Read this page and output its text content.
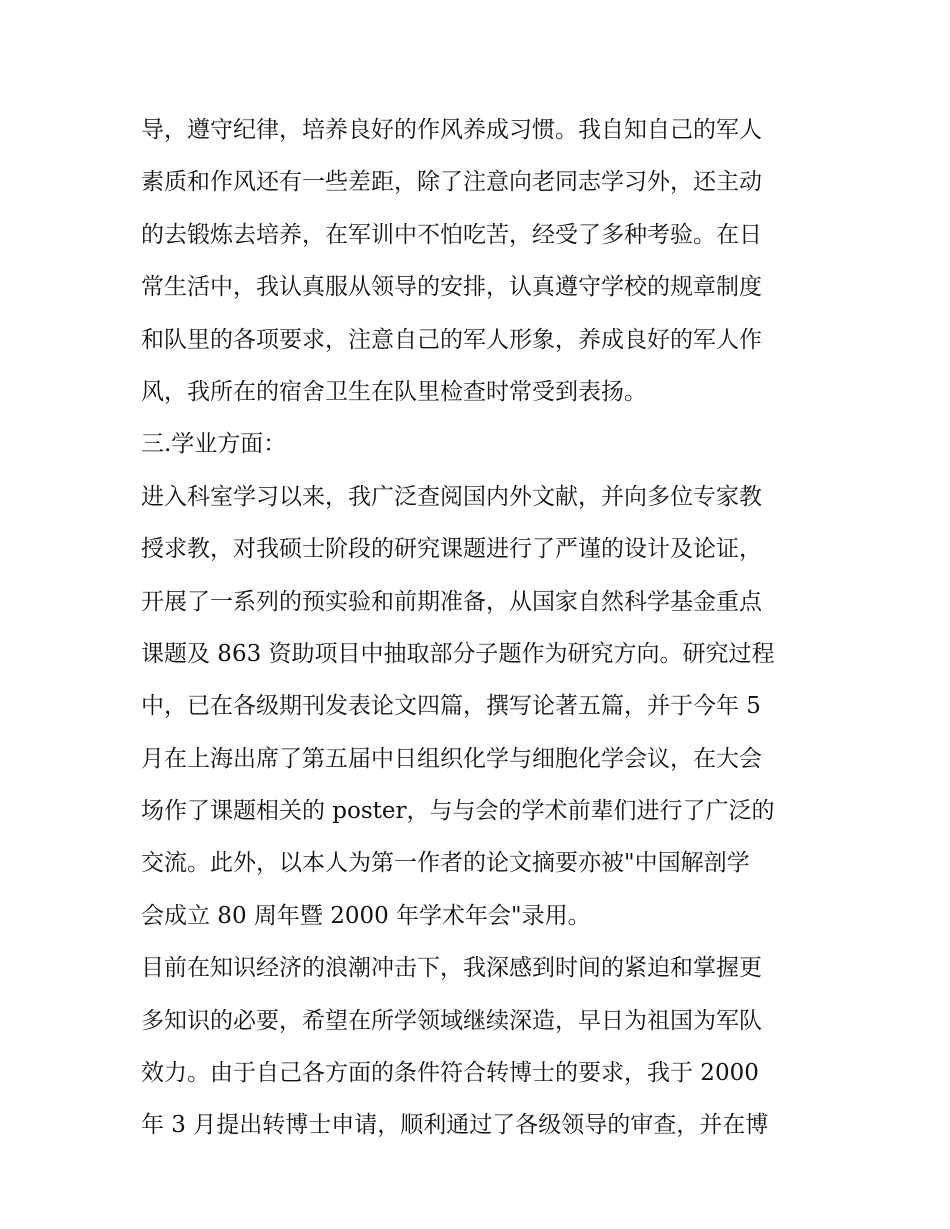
导，遵守纪律，培养良好的作风养成习惯。我自知自己的军人
素质和作风还有一些差距，除了注意向老同志学习外，还主动
的去锻炼去培养，在军训中不怕吃苦，经受了多种考验。在日
常生活中，我认真服从领导的安排，认真遵守学校的规章制度
和队里的各项要求，注意自己的军人形象，养成良好的军人作
风，我所在的宿舍卫生在队里检查时常受到表扬。
三.学业方面：
进入科室学习以来，我广泛查阅国内外文献，并向多位专家教
授求教，对我硕士阶段的研究课题进行了严谨的设计及论证，
开展了一系列的预实验和前期准备，从国家自然科学基金重点
课题及 863 资助项目中抽取部分子题作为研究方向。研究过程
中，已在各级期刊发表论文四篇，撰写论著五篇，并于今年 5
月在上海出席了第五届中日组织化学与细胞化学会议，在大会
场作了课题相关的 poster，与与会的学术前辈们进行了广泛的
交流。此外，以本人为第一作者的论文摘要亦被"中国解剖学
会成立 80 周年暨 2000 年学术年会"录用。
目前在知识经济的浪潮冲击下，我深感到时间的紧迫和掌握更
多知识的必要，希望在所学领域继续深造，早日为祖国为军队
效力。由于自己各方面的条件符合转博士的要求，我于 2000
年 3 月提出转博士申请，顺利通过了各级领导的审查，并在博
